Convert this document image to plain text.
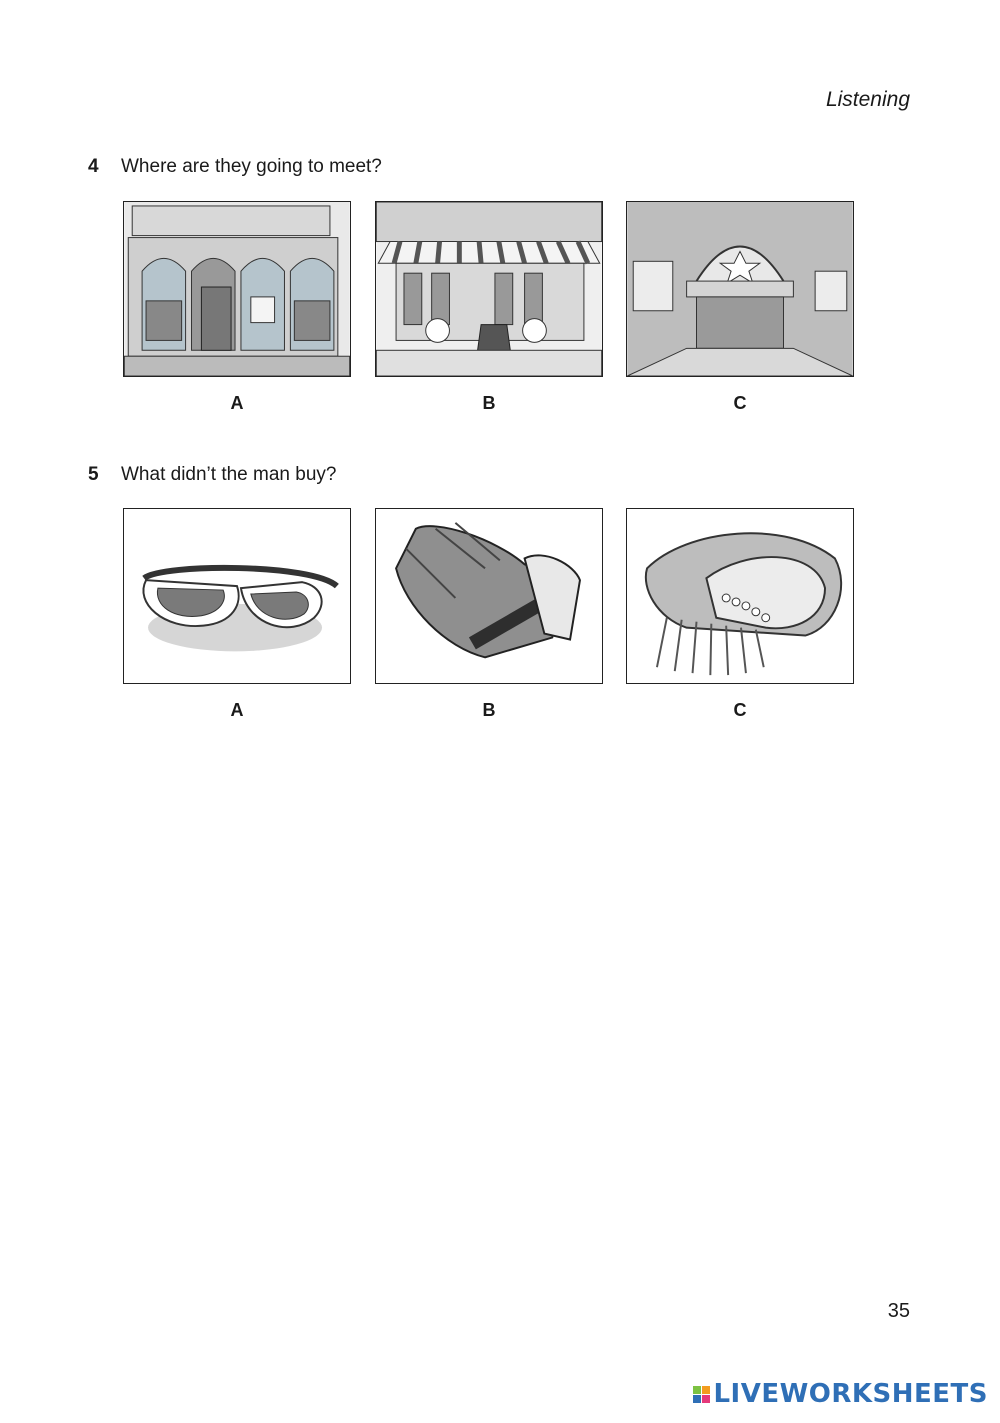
Listening
4 Where are they going to meet?
A	B	C
5 What didn’t the man buy?
A	B	C
35
LIVEWORKSHEETS
